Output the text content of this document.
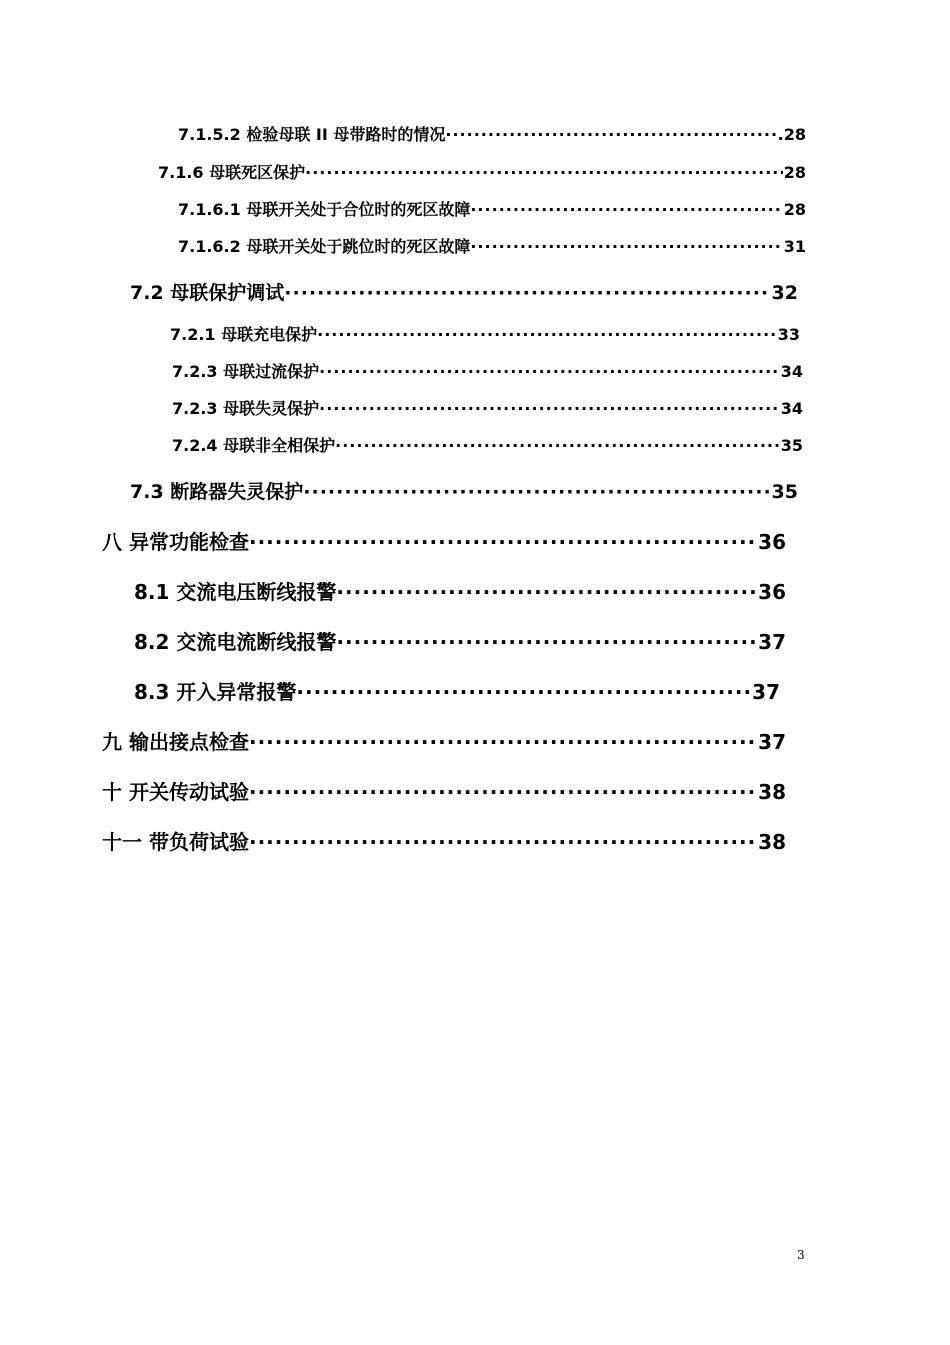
7.1.5.2 检验母联 II 母带路时的情况 ·····	.28
7.1.6 母联死区保护 ·····	28
7.1.6.1 母联开关处于合位时的死区故障 ·····	28
7.1.6.2 母联开关处于跳位时的死区故障 ·····	31
7.2 母联保护调试 ·····	32
7.2.1 母联充电保护 ·····	33
7.2.3 母联过流保护 ·····	34
7.2.3 母联失灵保护 ·····	34
7.2.4 母联非全相保护 ·····	35
7.3 断路器失灵保护 ·····	35
八 异常功能检查 ·····	36
8.1 交流电压断线报警 ·····	36
8.2 交流电流断线报警 ·····	37
8.3 开入异常报警 ·····	37
九 输出接点检查 ·····	37
十 开关传动试验 ·····	38
十一 带负荷试验 ·····	38
3
